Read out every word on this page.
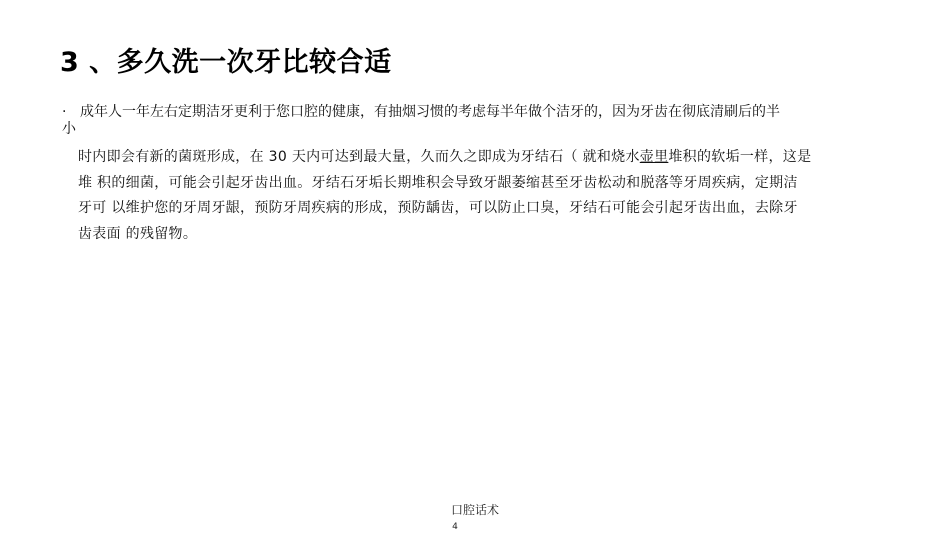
3 、多久洗一次牙比较合适
· 成年人一年左右定期洁牙更利于您口腔的健康，有抽烟习惯的考虑每半年做个洁牙的，因为牙齿在彻底清刷后的半
小
时内即会有新的菌斑形成，在 30 天内可达到最大量，久而久之即成为牙结石（ 就和烧水壶里堆积的软垢一样，这是
堆 积的细菌，可能会引起牙齿出血。牙结石牙垢长期堆积会导致牙龈萎缩甚至牙齿松动和脱落等牙周疾病，定期洁
牙可 以维护您的牙周牙龈，预防牙周疾病的形成，预防龋齿，可以防止口臭，牙结石可能会引起牙齿出血，去除牙
齿表面 的残留物。
口腔话术
4
